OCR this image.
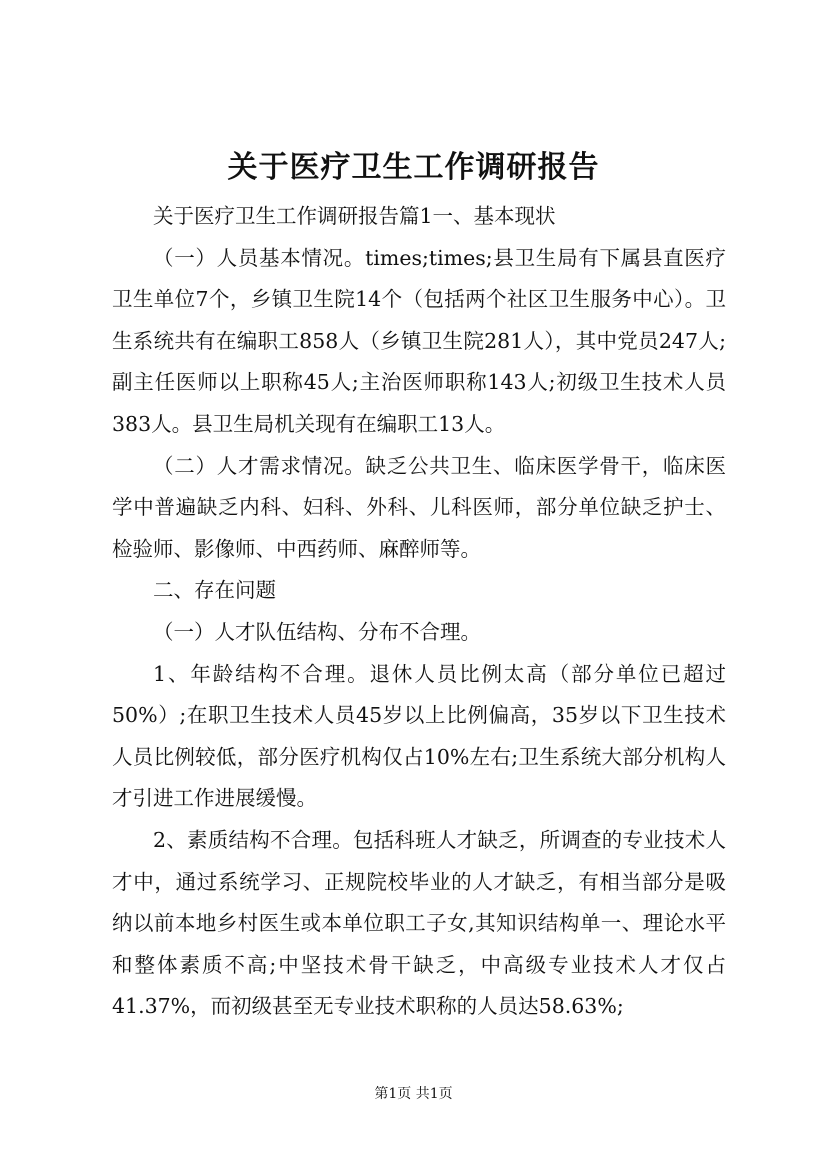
关于医疗卫生工作调研报告

关于医疗卫生工作调研报告篇1一、基本现状

（一）人员基本情况。times;times;县卫生局有下属县直医疗卫生单位7个，乡镇卫生院14个（包括两个社区卫生服务中心）。卫生系统共有在编职工858人（乡镇卫生院281人），其中党员247人;副主任医师以上职称45人;主治医师职称143人;初级卫生技术人员383人。县卫生局机关现有在编职工13人。

（二）人才需求情况。缺乏公共卫生、临床医学骨干，临床医学中普遍缺乏内科、妇科、外科、儿科医师，部分单位缺乏护士、检验师、影像师、中西药师、麻醉师等。

二、存在问题

（一）人才队伍结构、分布不合理。

1、年龄结构不合理。退休人员比例太高（部分单位已超过50%）;在职卫生技术人员45岁以上比例偏高，35岁以下卫生技术人员比例较低，部分医疗机构仅占10%左右;卫生系统大部分机构人才引进工作进展缓慢。

2、素质结构不合理。包括科班人才缺乏，所调查的专业技术人才中，通过系统学习、正规院校毕业的人才缺乏，有相当部分是吸纳以前本地乡村医生或本单位职工子女,其知识结构单一、理论水平和整体素质不高;中坚技术骨干缺乏，中高级专业技术人才仅占41.37%，而初级甚至无专业技术职称的人员达58.63%;

第1页 共1页
